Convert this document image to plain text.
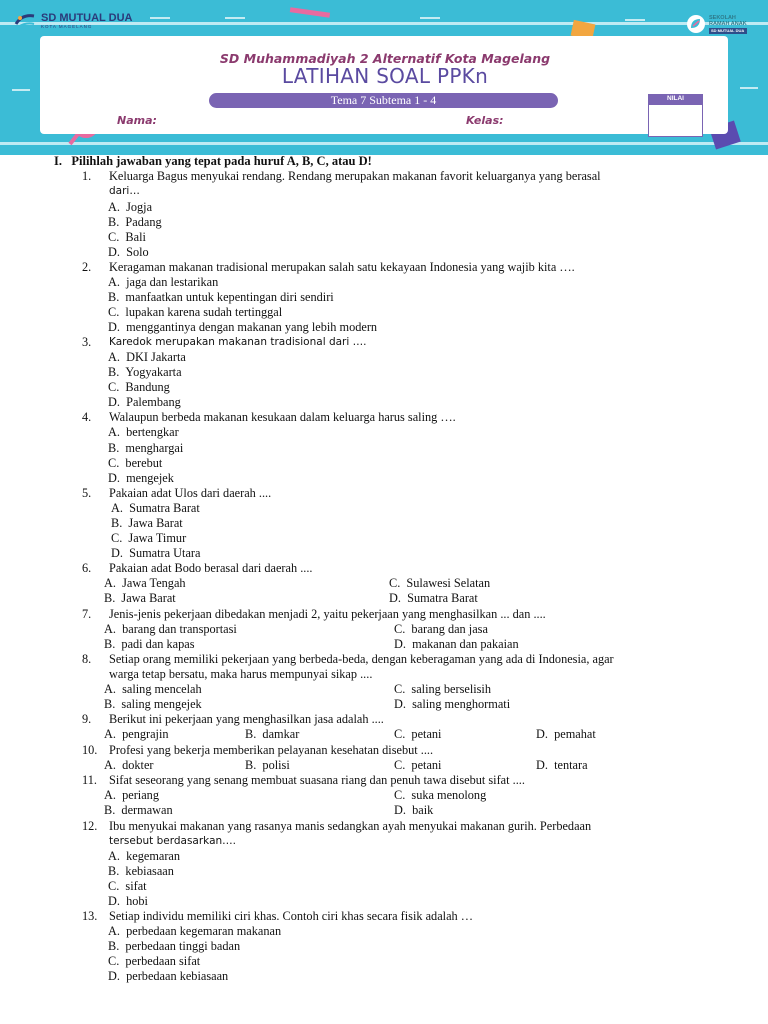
SD MUTUAL DUA
KOTA MAGELANG
SEKOLAH
RAMAH ANAK
SD MUTUAL DUA
SD Muhammadiyah 2 Alternatif Kota Magelang
LATIHAN SOAL PPKn
Tema 7 Subtema 1 - 4
Nama:	Kelas:
NILAI
I.   Pilihlah jawaban yang tepat pada huruf A, B, C, atau D!
1. Keluarga Bagus menyukai rendang. Rendang merupakan makanan favorit keluarganya yang berasal
dari…
A.  Jogja
B.  Padang
C.  Bali
D.  Solo
2. Keragaman makanan tradisional merupakan salah satu kekayaan Indonesia yang wajib kita ….
A.  jaga dan lestarikan
B.  manfaatkan untuk kepentingan diri sendiri
C.  lupakan karena sudah tertinggal
D.  menggantinya dengan makanan yang lebih modern
3. Karedok merupakan makanan tradisional dari ….
A.  DKI Jakarta
B.  Yogyakarta
C.  Bandung
D.  Palembang
4. Walaupun berbeda makanan kesukaan dalam keluarga harus saling ….
A.  bertengkar
B.  menghargai
C.  berebut
D.  mengejek
5. Pakaian adat Ulos dari daerah ....
A.  Sumatra Barat
B.  Jawa Barat
C.  Jawa Timur
D.  Sumatra Utara
6. Pakaian adat Bodo berasal dari daerah ....
A.  Jawa Tengah	C.  Sulawesi Selatan
B.  Jawa Barat	D.  Sumatra Barat
7. Jenis-jenis pekerjaan dibedakan menjadi 2, yaitu pekerjaan yang menghasilkan ... dan ....
A.  barang dan transportasi	C.  barang dan jasa
B.  padi dan kapas	D.  makanan dan pakaian
8. Setiap orang memiliki pekerjaan yang berbeda-beda, dengan keberagaman yang ada di Indonesia, agar
warga tetap bersatu, maka harus mempunyai sikap ....
A.  saling mencelah	C.  saling berselisih
B.  saling mengejek	D.  saling menghormati
9. Berikut ini pekerjaan yang menghasilkan jasa adalah ....
A.  pengrajin	B.  damkar	C.  petani	D.  pemahat
10. Profesi yang bekerja memberikan pelayanan kesehatan disebut ....
A.  dokter	B.  polisi	C.  petani	D.  tentara
11. Sifat seseorang yang senang membuat suasana riang dan penuh tawa disebut sifat ....
A.  periang	C.  suka menolong
B.  dermawan	D.  baik
12. Ibu menyukai makanan yang rasanya manis sedangkan ayah menyukai makanan gurih. Perbedaan
tersebut berdasarkan….
A.  kegemaran
B.  kebiasaan
C.  sifat
D.  hobi
13. Setiap individu memiliki ciri khas. Contoh ciri khas secara fisik adalah …
A.  perbedaan kegemaran makanan
B.  perbedaan tinggi badan
C.  perbedaan sifat
D.  perbedaan kebiasaan
